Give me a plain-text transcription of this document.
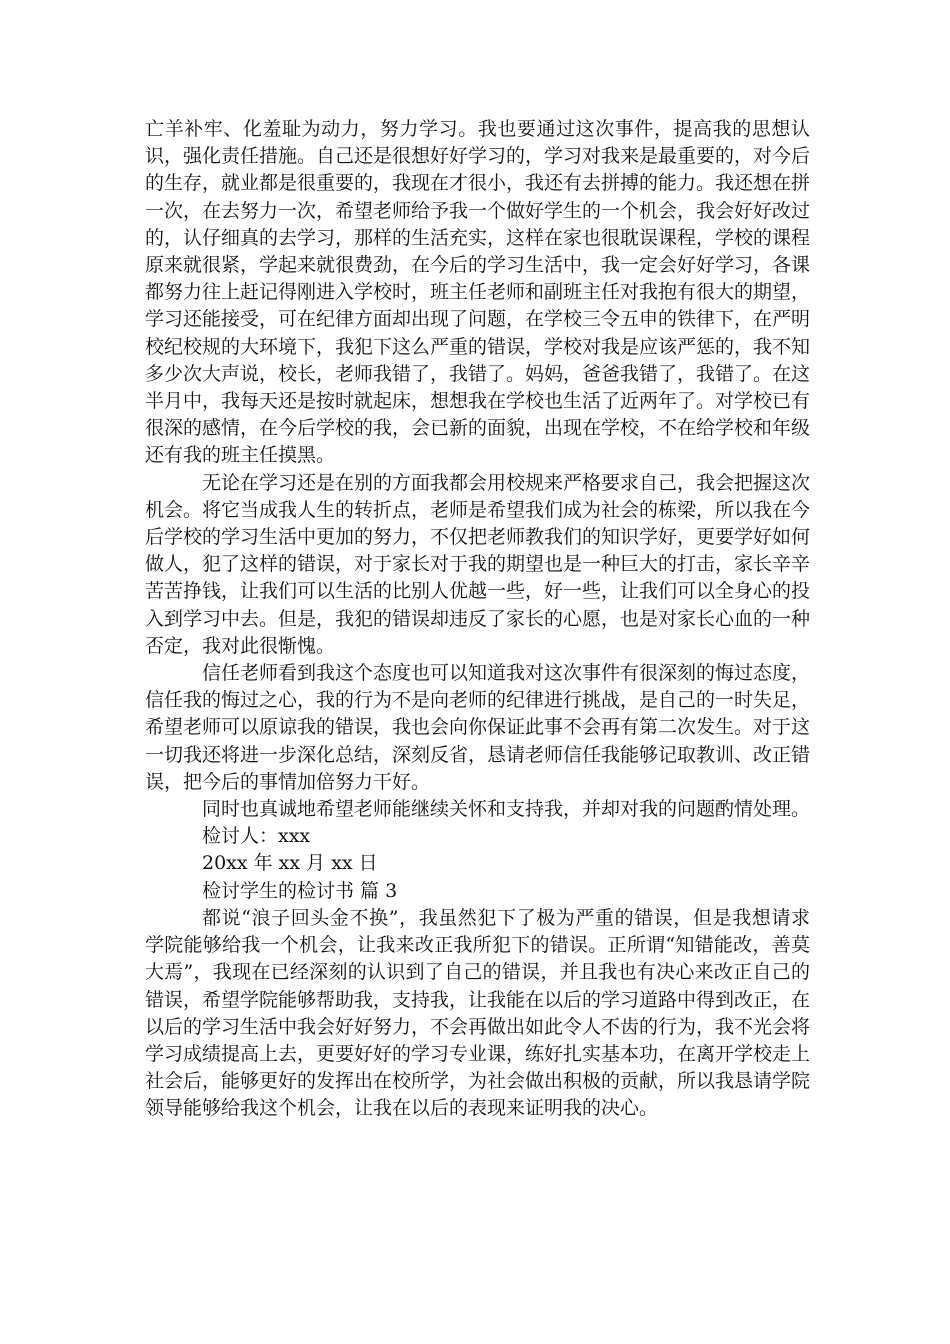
亡羊补牢、化羞耻为动力，努力学习。我也要通过这次事件，提高我的思想认识，强化责任措施。自己还是很想好好学习的，学习对我来是最重要的，对今后的生存，就业都是很重要的，我现在才很小，我还有去拼搏的能力。我还想在拼一次，在去努力一次，希望老师给予我一个做好学生的一个机会，我会好好改过的，认仔细真的去学习，那样的生活充实，这样在家也很耽误课程，学校的课程原来就很紧，学起来就很费劲，在今后的学习生活中，我一定会好好学习，各课都努力往上赶记得刚进入学校时，班主任老师和副班主任对我抱有很大的期望，学习还能接受，可在纪律方面却出现了问题，在学校三令五申的铁律下，在严明校纪校规的大环境下，我犯下这么严重的错误，学校对我是应该严惩的，我不知多少次大声说，校长，老师我错了，我错了。妈妈，爸爸我错了，我错了。在这半月中，我每天还是按时就起床，想想我在学校也生活了近两年了。对学校已有很深的感情，在今后学校的我，会已新的面貌，出现在学校，不在给学校和年级还有我的班主任摸黑。

无论在学习还是在别的方面我都会用校规来严格要求自己，我会把握这次机会。将它当成我人生的转折点，老师是希望我们成为社会的栋梁，所以我在今后学校的学习生活中更加的努力，不仅把老师教我们的知识学好，更要学好如何做人，犯了这样的错误，对于家长对于我的期望也是一种巨大的打击，家长辛辛苦苦挣钱，让我们可以生活的比别人优越一些，好一些，让我们可以全身心的投入到学习中去。但是，我犯的错误却违反了家长的心愿，也是对家长心血的一种否定，我对此很惭愧。

信任老师看到我这个态度也可以知道我对这次事件有很深刻的悔过态度，信任我的悔过之心，我的行为不是向老师的纪律进行挑战，是自己的一时失足，希望老师可以原谅我的错误，我也会向你保证此事不会再有第二次发生。对于这一切我还将进一步深化总结，深刻反省，恳请老师信任我能够记取教训、改正错误，把今后的事情加倍努力干好。

同时也真诚地希望老师能继续关怀和支持我，并却对我的问题酌情处理。

检讨人：xxx

20xx 年 xx 月 xx 日

检讨学生的检讨书 篇 3

都说“浪子回头金不换”，我虽然犯下了极为严重的错误，但是我想请求学院能够给我一个机会，让我来改正我所犯下的错误。正所谓“知错能改，善莫大焉”，我现在已经深刻的认识到了自己的错误，并且我也有决心来改正自己的错误，希望学院能够帮助我，支持我，让我能在以后的学习道路中得到改正，在以后的学习生活中我会好好努力，不会再做出如此令人不齿的行为，我不光会将学习成绩提高上去，更要好好的学习专业课，练好扎实基本功，在离开学校走上社会后，能够更好的发挥出在校所学，为社会做出积极的贡献，所以我恳请学院领导能够给我这个机会，让我在以后的表现来证明我的决心。
